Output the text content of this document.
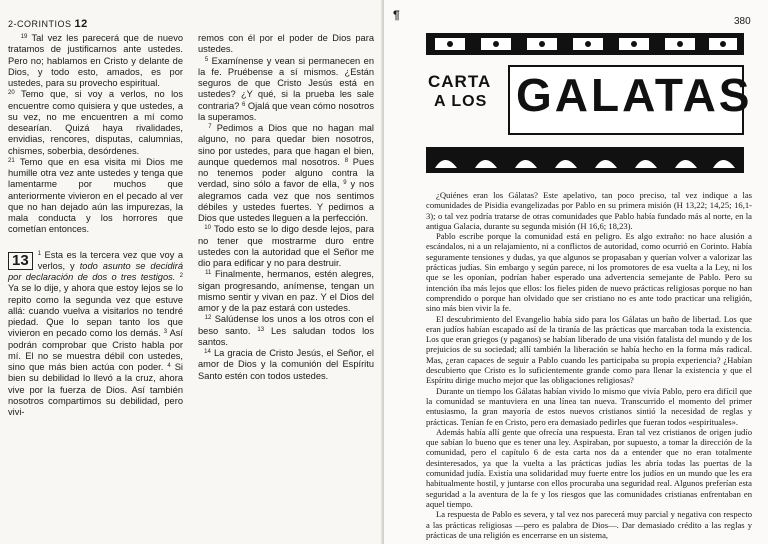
2-CORINTIOS 12

$^{19}$ Tal vez les parecerá que de nuevo tratamos de justificarnos ante ustedes. Pero no; hablamos en Cristo y delante de Dios, y todo esto, amados, es por ustedes, para su provecho espiritual.

$^{20}$ Temo que, si voy a verlos, no los encuentre como quisiera y que ustedes, a su vez, no me encuentren a mí como desearían. Quizá haya rivalidades, envidias, rencores, disputas, calumnias, chismes, soberbia, desórdenes.

$^{21}$ Temo que en esa visita mi Dios me humille otra vez ante ustedes y tenga que lamentarme por muchos que anteriormente vivieron en el pecado al ver que no han dejado aún las impurezas, la mala conducta y los horrores que cometían entonces.

13	$^1$ Esta es la tercera vez que voy a verlos, y todo asunto se decidirá por declaración de dos o tres testigos. $^2$ Ya se lo dije, y ahora que estoy lejos se lo repito como la segunda vez que estuve allá: cuando vuelva a visitarlos no tendré piedad. Que lo sepan tanto los que vivieron en pecado como los demás. $^3$ Así podrán comprobar que Cristo habla por mí. El no se muestra débil con ustedes, sino que más bien actúa con poder. $^4$ Si bien su debilidad lo llevó a la cruz, ahora vive por la fuerza de Dios. Así también nosotros compartimos su debilidad, pero vivi-

remos con él por el poder de Dios para ustedes.

$^5$ Examínense y vean si permanecen en la fe. Pruébense a sí mismos. ¿Están seguros de que Cristo Jesús está en ustedes? ¿Y qué, si la prueba les sale contraria? $^6$ Ojalá que vean cómo nosotros la superamos.

$^7$ Pedimos a Dios que no hagan mal alguno, no para quedar bien nosotros, sino por ustedes, para que hagan el bien, aunque quedemos mal nosotros. $^8$ Pues no tenemos poder alguno contra la verdad, sino sólo a favor de ella, $^9$ y nos alegramos cada vez que nos sentimos débiles y ustedes fuertes. Y pedimos a Dios que ustedes lleguen a la perfección.

$^{10}$ Todo esto se lo digo desde lejos, para no tener que mostrarme duro entre ustedes con la autoridad que el Señor me dio para edificar y no para destruir.

$^{11}$ Finalmente, hermanos, estén alegres, sigan progresando, anímense, tengan un mismo sentir y vivan en paz. Y el Dios del amor y de la paz estará con ustedes.

$^{12}$ Salúdense los unos a los otros con el beso santo. $^{13}$ Les saludan todos los santos.

$^{14}$ La gracia de Cristo Jesús, el Señor, el amor de Dios y la comunión del Espíritu Santo estén con todos ustedes.

380
¶
CARTA
A LOS GALATAS

¿Quiénes eran los Gálatas? Este apelativo, tan poco preciso, tal vez indique a las comunidades de Pisidia evangelizadas por Pablo en su primera misión (H 13,22; 14,25; 16,1-3); o tal vez podría tratarse de otras comunidades que Pablo había fundado más al norte, en la antigua Galacia, durante su segunda misión (H 16,6; 18,23).

Pablo escribe porque la comunidad está en peligro. Es algo extraño: no hace alusión a escándalos, ni a un relajamiento, ni a conflictos de autoridad, como ocurrió en Corinto. Había seguramente tensiones y dudas, ya que algunos se propasaban y querían volver a valorizar las prácticas judías. Sin embargo y según parece, ni los promotores de esa vuelta a la Ley, ni los que se les oponían, podrían haber esperado una advertencia semejante de Pablo. Pero su intención iba más lejos que ellos: los fieles piden de nuevo prácticas religiosas porque no han comprendido o porque han olvidado que ser cristiano no es ante todo practicar una religión, sino más bien vivir la fe.

El descubrimiento del Evangelio había sido para los Gálatas un baño de libertad. Los que eran judíos habían escapado así de la tiranía de las prácticas que marcaban toda la existencia. Los que eran griegos (y paganos) se habían liberado de una visión fatalista del mundo y de los prejuicios de su sociedad; allí también la liberación se había hecho en la forma más radical. Mas, ¿eran capaces de seguir a Pablo cuando les participaba su propia experiencia? ¿Habían descubierto que Cristo es lo suficientemente grande como para llenar la existencia y que el Espíritu dirige mucho mejor que las obligaciones religiosas?

Durante un tiempo los Gálatas habían vivido lo mismo que vivía Pablo, pero era difícil que la comunidad se mantuviera en una línea tan nueva. Transcurrido el momento del primer entusiasmo, la gran mayoría de estos nuevos cristianos sintió la necesidad de reglas y prácticas. Tenían fe en Cristo, pero era demasiado pedirles que fueran todos «espirituales».

Además había allí gente que ofrecía una respuesta. Eran tal vez cristianos de origen judío que sabían lo bueno que es tener una ley. Aspiraban, por supuesto, a tomar la dirección de la comunidad, pero el capítulo 6 de esta carta nos da a entender que no eran totalmente desinteresados, ya que la vuelta a las prácticas judías les abría todas las puertas de la comunidad judía. Existía una solidaridad muy fuerte entre los judíos en un mundo que les era habitualmente hostil, y juntarse con ellos procuraba una seguridad real. Algunos preferían esta seguridad a la aventura de la fe y los riesgos que las comunidades cristianas enfrentaban en aquel tiempo.

La respuesta de Pablo es severa, y tal vez nos parecerá muy parcial y negativa con respecto a las prácticas religiosas —pero es palabra de Dios—. Dar demasiado crédito a las reglas y prácticas de una religión es encerrarse en un sistema,
